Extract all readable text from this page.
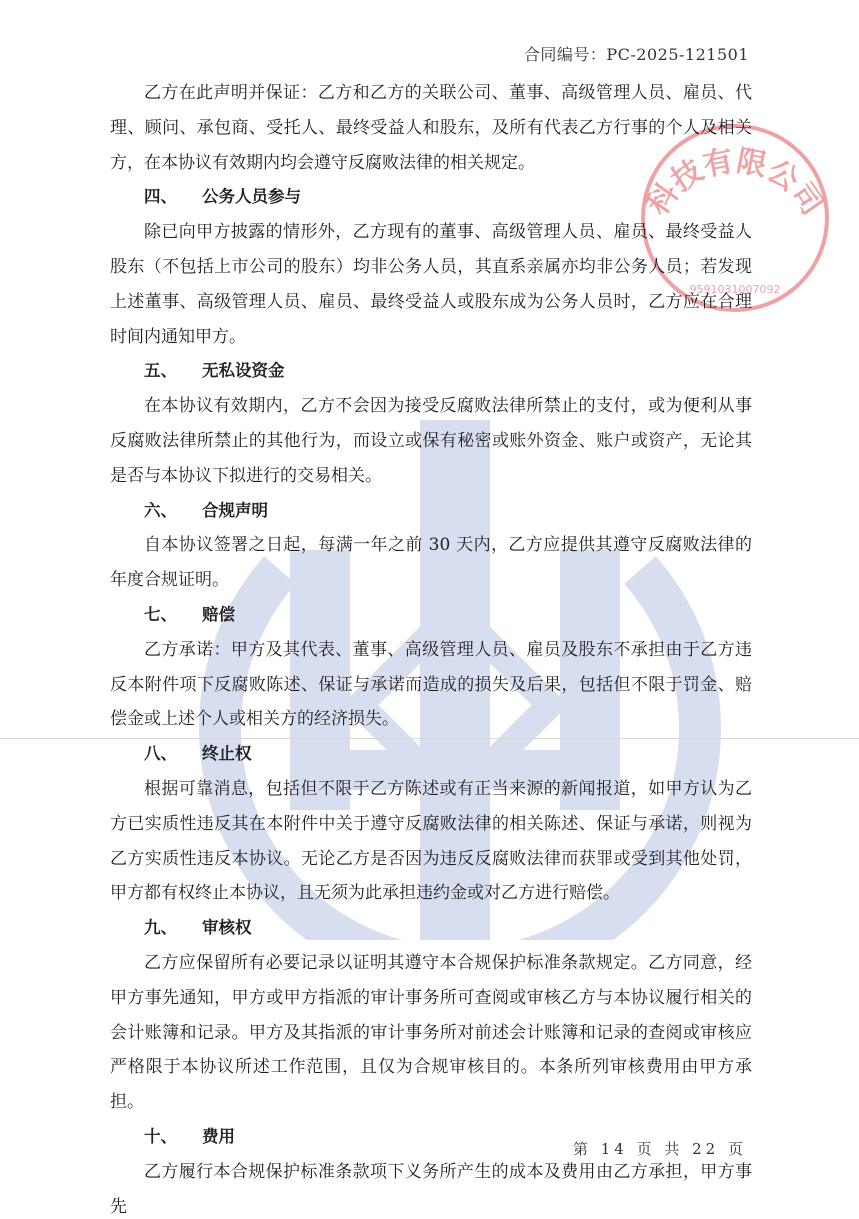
科技有限公司
9591031007092
合同编号：PC-2025-121501

乙方在此声明并保证：乙方和乙方的关联公司、董事、高级管理人员、雇员、代理、顾问、承包商、受托人、最终受益人和股东，及所有代表乙方行事的个人及相关方，在本协议有效期内均会遵守反腐败法律的相关规定。

四、 公务人员参与

除已向甲方披露的情形外，乙方现有的董事、高级管理人员、雇员、最终受益人股东（不包括上市公司的股东）均非公务人员，其直系亲属亦均非公务人员；若发现上述董事、高级管理人员、雇员、最终受益人或股东成为公务人员时，乙方应在合理时间内通知甲方。

五、 无私设资金

在本协议有效期内，乙方不会因为接受反腐败法律所禁止的支付，或为便利从事反腐败法律所禁止的其他行为，而设立或保有秘密或账外资金、账户或资产，无论其是否与本协议下拟进行的交易相关。

六、 合规声明

自本协议签署之日起，每满一年之前 30 天内，乙方应提供其遵守反腐败法律的年度合规证明。

七、 赔偿

乙方承诺：甲方及其代表、董事、高级管理人员、雇员及股东不承担由于乙方违反本附件项下反腐败陈述、保证与承诺而造成的损失及后果，包括但不限于罚金、赔偿金或上述个人或相关方的经济损失。

八、 终止权

根据可靠消息，包括但不限于乙方陈述或有正当来源的新闻报道，如甲方认为乙方已实质性违反其在本附件中关于遵守反腐败法律的相关陈述、保证与承诺，则视为乙方实质性违反本协议。无论乙方是否因为违反反腐败法律而获罪或受到其他处罚，甲方都有权终止本协议，且无须为此承担违约金或对乙方进行赔偿。

九、 审核权

乙方应保留所有必要记录以证明其遵守本合规保护标准条款规定。乙方同意，经甲方事先通知，甲方或甲方指派的审计事务所可查阅或审核乙方与本协议履行相关的会计账簿和记录。甲方及其指派的审计事务所对前述会计账簿和记录的查阅或审核应严格限于本协议所述工作范围，且仅为合规审核目的。本条所列审核费用由甲方承担。

十、 费用

乙方履行本合规保护标准条款项下义务所产生的成本及费用由乙方承担，甲方事先

第 14 页 共 22 页
